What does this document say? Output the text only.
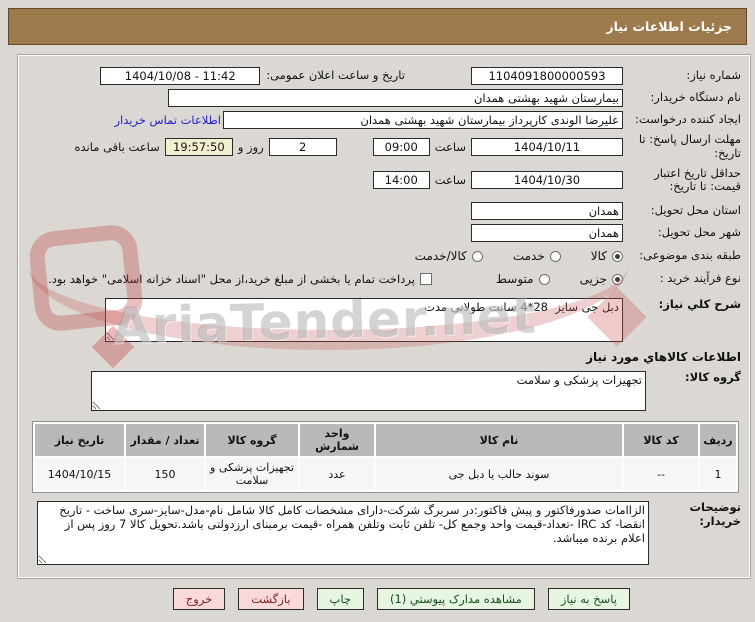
جزئیات اطلاعات نیاز
شماره نیاز:
1104091800000593
تاریخ و ساعت اعلان عمومی:
1404/10/08 - 11:42
نام دستگاه خریدار:
بیمارستان شهید بهشتی همدان
ایجاد کننده درخواست:
علیرضا الوندی کارپرداز بیمارستان شهید بهشتی همدان
اطلاعات تماس خریدار
مهلت ارسال پاسخ: تا تاریخ:
1404/10/11
ساعت
09:00
2
روز و
19:57:50
ساعت باقی مانده
حداقل تاریخ اعتبار قیمت: تا تاریخ:
1404/10/30
ساعت
14:00
استان محل تحویل:
همدان
شهر محل تحویل:
همدان
طبقه بندی موضوعی:
کالا
خدمت
کالا/خدمت
نوع فرآیند خرید :
جزیی
متوسط
پرداخت تمام یا بخشی از مبلغ خرید،از محل "اسناد خزانه اسلامی" خواهد بود.
شرح کلي نیاز:
دبل جی سایز 28*4 سانت طولانی مدت
اطلاعات کالاهاي مورد نیاز
گروه کالا:
تجهیزات پزشکی و سلامت
ردیف	کد کالا	نام کالا	واحد شمارش	گروه کالا	تعداد / مقدار	تاریخ نیاز
1	--	سوند حالب یا دبل جی	عدد	تجهیزات پزشکی و سلامت	150	1404/10/15
توضیحات خریدار:
الزاامات صدورفاکتور و پیش فاکتور:در سربرگ شرکت-دارای مشخصات کامل کالا شامل نام-مدل-سایز-سری ساخت - تاریخ انقضا- کد IRC -تعداد-قیمت واحد وجمع کل- تلفن ثابت وتلفن همراه -قیمت برمبنای ارزدولتی باشد.تحویل کالا 7 روز پس از اعلام برنده میباشد.
AriaTender.net
پاسخ به نیاز
مشاهده مدارک پیوستي (1)
چاپ
بازگشت
خروج
